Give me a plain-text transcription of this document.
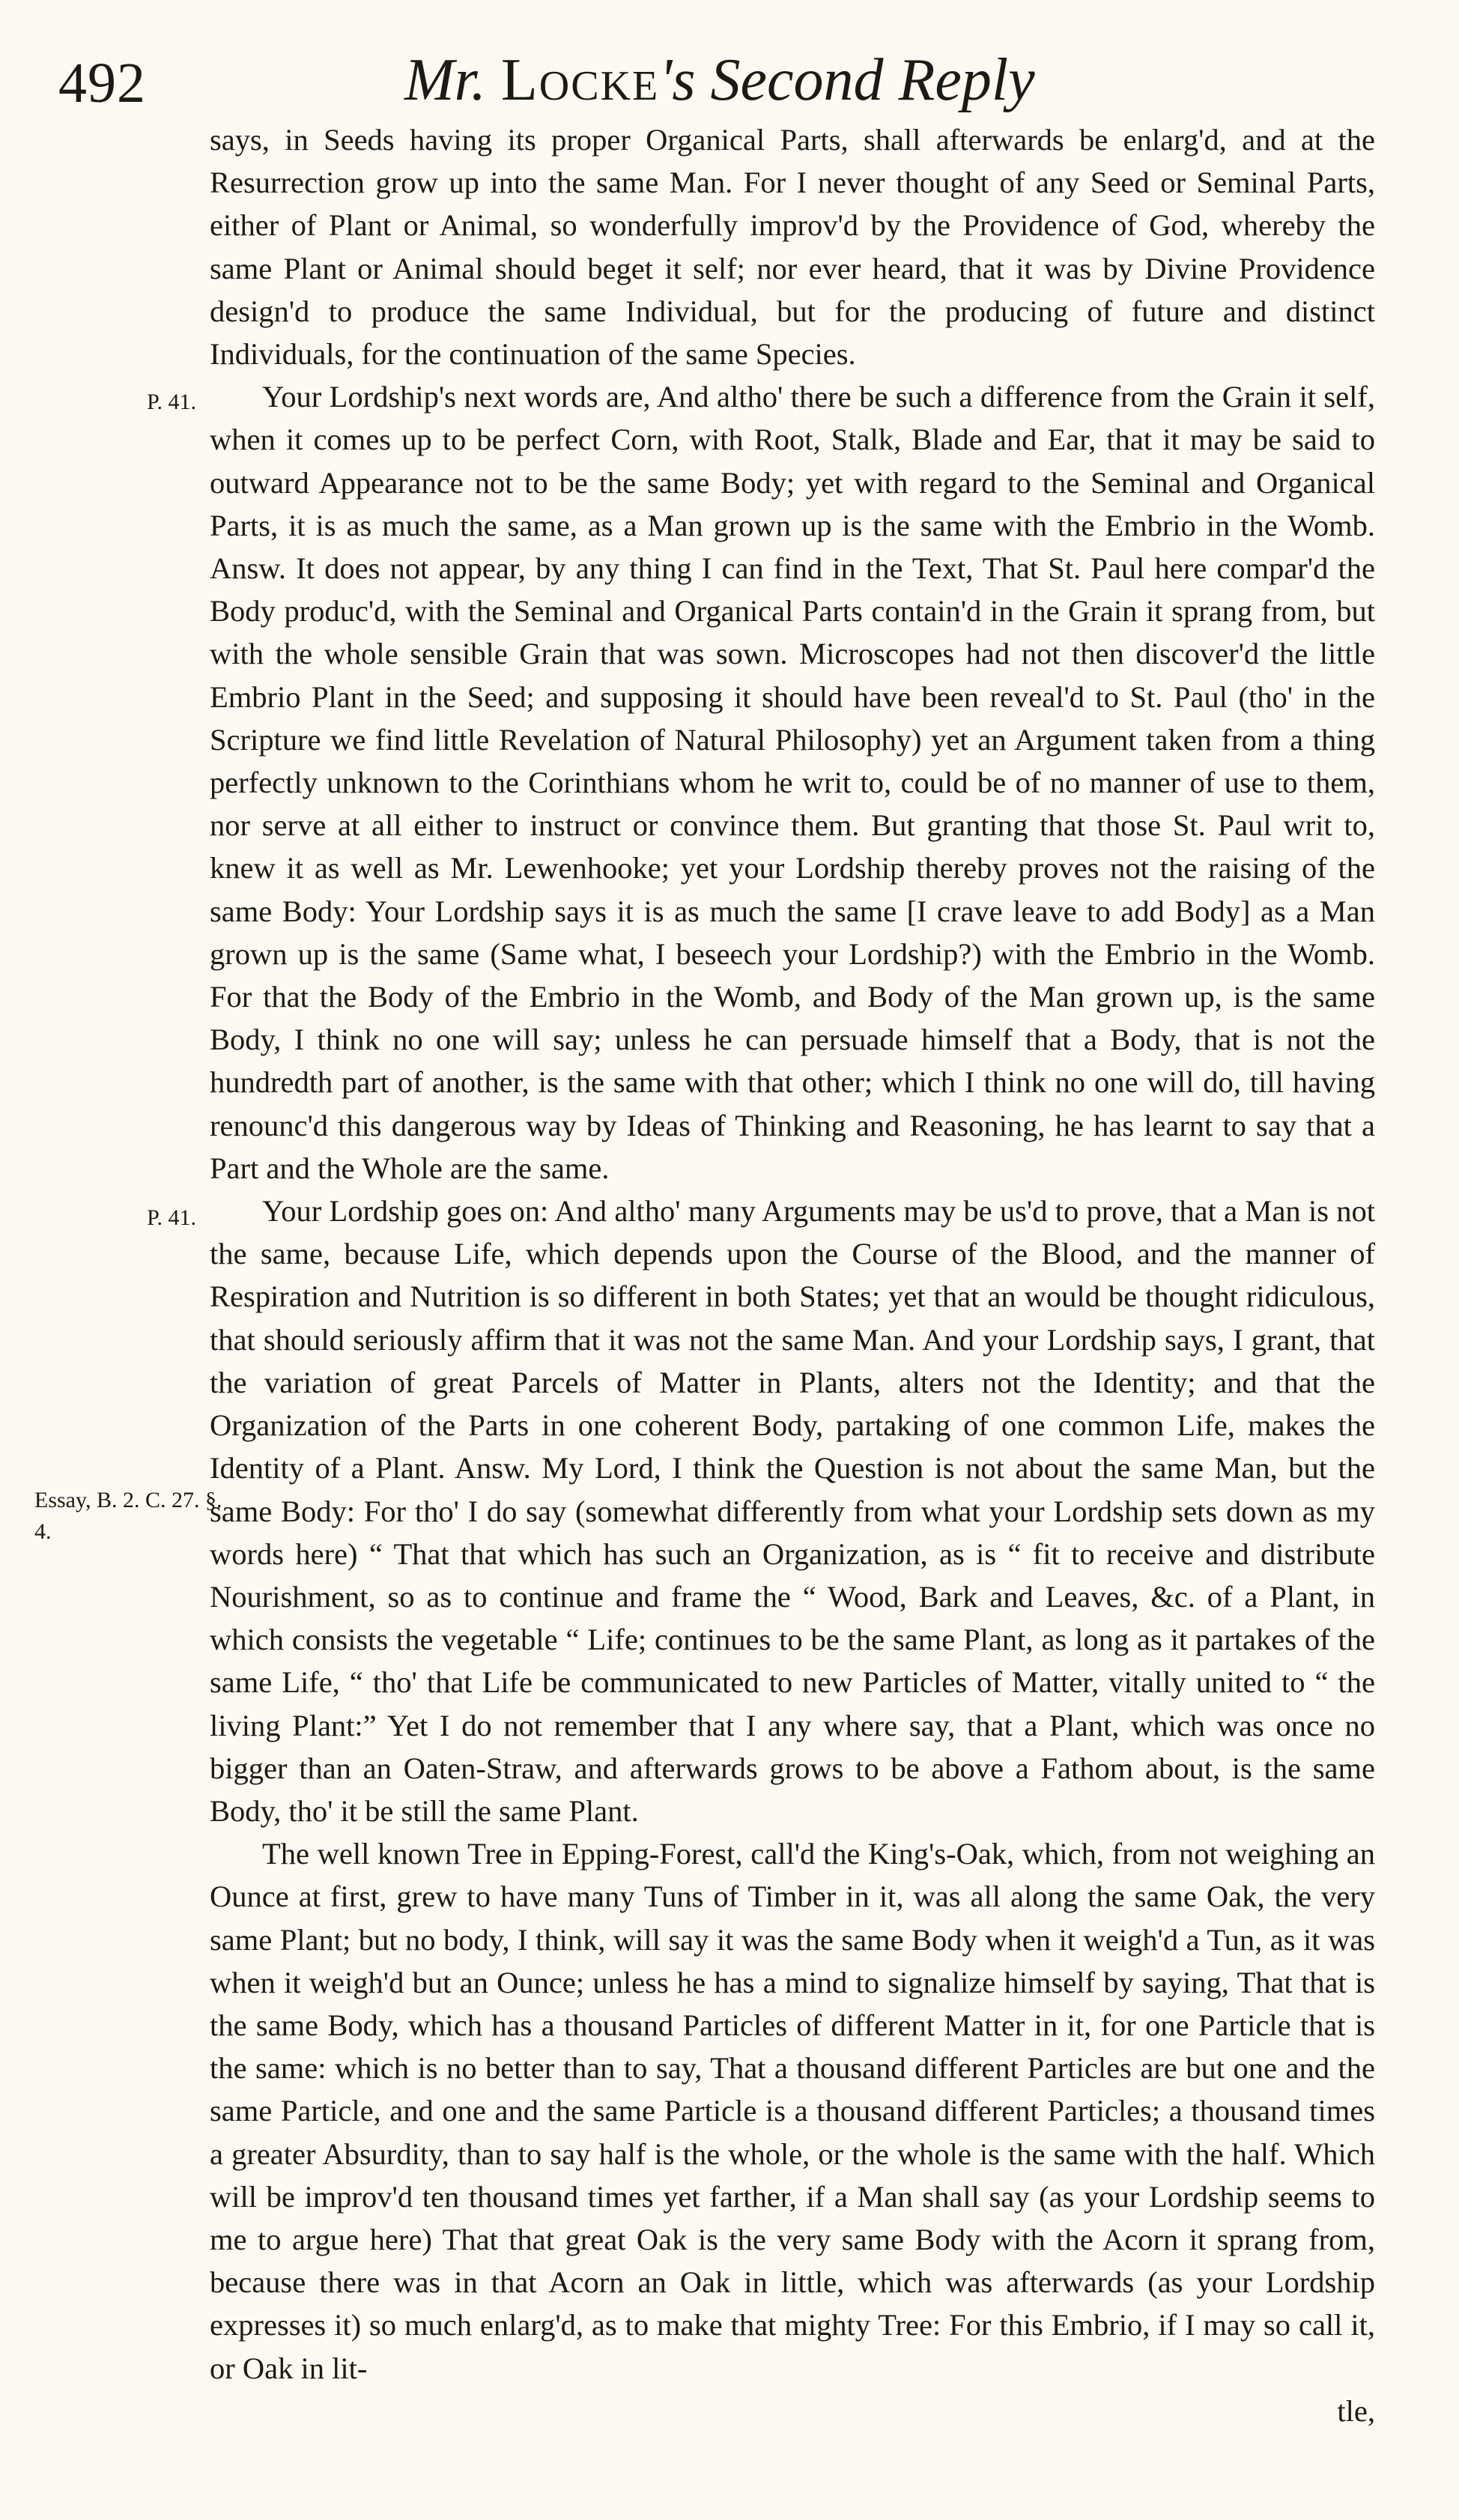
492	Mr. Locke's Second Reply
P. 41.
P. 41.
Essay, B. 2. C. 27. §. 4.

says, in Seeds having its proper Organical Parts, shall afterwards be enlarg'd, and at the Resurrection grow up into the same Man. For I never thought of any Seed or Seminal Parts, either of Plant or Animal, so wonderfully improv'd by the Providence of God, whereby the same Plant or Animal should beget it self; nor ever heard, that it was by Divine Providence design'd to produce the same Individual, but for the producing of future and distinct Individuals, for the continuation of the same Species.

Your Lordship's next words are, And altho' there be such a difference from the Grain it self, when it comes up to be perfect Corn, with Root, Stalk, Blade and Ear, that it may be said to outward Appearance not to be the same Body; yet with regard to the Seminal and Organical Parts, it is as much the same, as a Man grown up is the same with the Embrio in the Womb. Answ. It does not appear, by any thing I can find in the Text, That St. Paul here compar'd the Body produc'd, with the Seminal and Organical Parts contain'd in the Grain it sprang from, but with the whole sensible Grain that was sown. Microscopes had not then discover'd the little Embrio Plant in the Seed; and supposing it should have been reveal'd to St. Paul (tho' in the Scripture we find little Revelation of Natural Philosophy) yet an Argument taken from a thing perfectly unknown to the Corinthians whom he writ to, could be of no manner of use to them, nor serve at all either to instruct or convince them. But granting that those St. Paul writ to, knew it as well as Mr. Lewenhooke; yet your Lordship thereby proves not the raising of the same Body: Your Lordship says it is as much the same [I crave leave to add Body] as a Man grown up is the same (Same what, I beseech your Lordship?) with the Embrio in the Womb. For that the Body of the Embrio in the Womb, and Body of the Man grown up, is the same Body, I think no one will say; unless he can persuade himself that a Body, that is not the hundredth part of another, is the same with that other; which I think no one will do, till having renounc'd this dangerous way by Ideas of Thinking and Reasoning, he has learnt to say that a Part and the Whole are the same.

Your Lordship goes on: And altho' many Arguments may be us'd to prove, that a Man is not the same, because Life, which depends upon the Course of the Blood, and the manner of Respiration and Nutrition is so different in both States; yet that an would be thought ridiculous, that should seriously affirm that it was not the same Man. And your Lordship says, I grant, that the variation of great Parcels of Matter in Plants, alters not the Identity; and that the Organization of the Parts in one coherent Body, partaking of one common Life, makes the Identity of a Plant. Answ. My Lord, I think the Question is not about the same Man, but the same Body: For tho' I do say (somewhat differently from what your Lordship sets down as my words here) “ That that which has such an Organization, as is “ fit to receive and distribute Nourishment, so as to continue and frame the “ Wood, Bark and Leaves, &c. of a Plant, in which consists the vegetable “ Life; continues to be the same Plant, as long as it partakes of the same Life, “ tho' that Life be communicated to new Particles of Matter, vitally united to “ the living Plant:” Yet I do not remember that I any where say, that a Plant, which was once no bigger than an Oaten-Straw, and afterwards grows to be above a Fathom about, is the same Body, tho' it be still the same Plant.

The well known Tree in Epping-Forest, call'd the King's-Oak, which, from not weighing an Ounce at first, grew to have many Tuns of Timber in it, was all along the same Oak, the very same Plant; but no body, I think, will say it was the same Body when it weigh'd a Tun, as it was when it weigh'd but an Ounce; unless he has a mind to signalize himself by saying, That that is the same Body, which has a thousand Particles of different Matter in it, for one Particle that is the same: which is no better than to say, That a thousand different Particles are but one and the same Particle, and one and the same Particle is a thousand different Particles; a thousand times a greater Absurdity, than to say half is the whole, or the whole is the same with the half. Which will be improv'd ten thousand times yet farther, if a Man shall say (as your Lordship seems to me to argue here) That that great Oak is the very same Body with the Acorn it sprang from, because there was in that Acorn an Oak in little, which was afterwards (as your Lordship expresses it) so much enlarg'd, as to make that mighty Tree: For this Embrio, if I may so call it, or Oak in lit-

tle,
